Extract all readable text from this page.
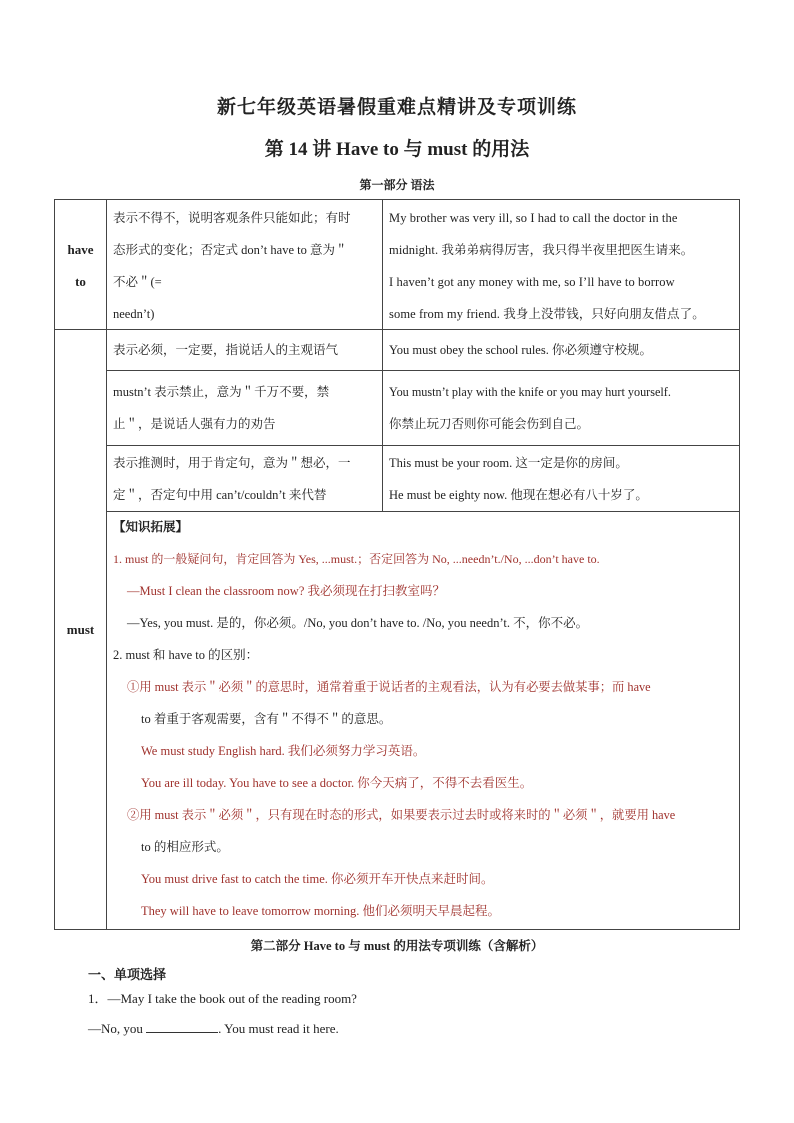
新七年级英语暑假重难点精讲及专项训练
第 14 讲 Have to 与 must 的用法
第一部分 语法
have
to

表示不得不，说明客观条件只能如此；有时

态形式的变化；否定式 don’t have to 意为＂

不必＂(=

needn’t)

My brother was very ill, so I had to call the doctor in the

midnight. 我弟弟病得厉害，我只得半夜里把医生请来。

I haven’t got any money with me, so I’ll have to borrow

some from my friend. 我身上没带钱，只好向朋友借点了。

must

表示必须，一定要，指说话人的主观语气	You must obey the school rules. 你必须遵守校规。

mustn’t 表示禁止，意为＂千万不要，禁

止＂，是说话人强有力的劝告

You mustn’t play with the knife or you may hurt yourself.

你禁止玩刀否则你可能会伤到自己。

表示推测时，用于肯定句，意为＂想必，一

定＂，否定句中用 can’t/couldn’t 来代替

This must be your room. 这一定是你的房间。

He must be eighty now. 他现在想必有八十岁了。

【知识拓展】

1. must 的一般疑问句，肯定回答为 Yes, ...must.；否定回答为 No, ...needn’t./No, ...don’t have to.

—Must I clean the classroom now? 我必须现在打扫教室吗？

—Yes, you must. 是的，你必须。/No, you don’t have to. /No, you needn’t. 不，你不必。

2. must 和 have to 的区别：

①用 must 表示＂必须＂的意思时，通常着重于说话者的主观看法，认为有必要去做某事；而 have

to 着重于客观需要，含有＂不得不＂的意思。

We must study English hard. 我们必须努力学习英语。

You are ill today. You have to see a doctor. 你今天病了，不得不去看医生。

②用 must 表示＂必须＂，只有现在时态的形式，如果要表示过去时或将来时的＂必须＂，就要用 have

to 的相应形式。

You must drive fast to catch the time. 你必须开车开快点来赶时间。

They will have to leave tomorrow morning. 他们必须明天早晨起程。

第二部分 Have to 与 must 的用法专项训练（含解析）
一、单项选择
1．—May I take the book out of the reading room?
—No, you	. You must read it here.
